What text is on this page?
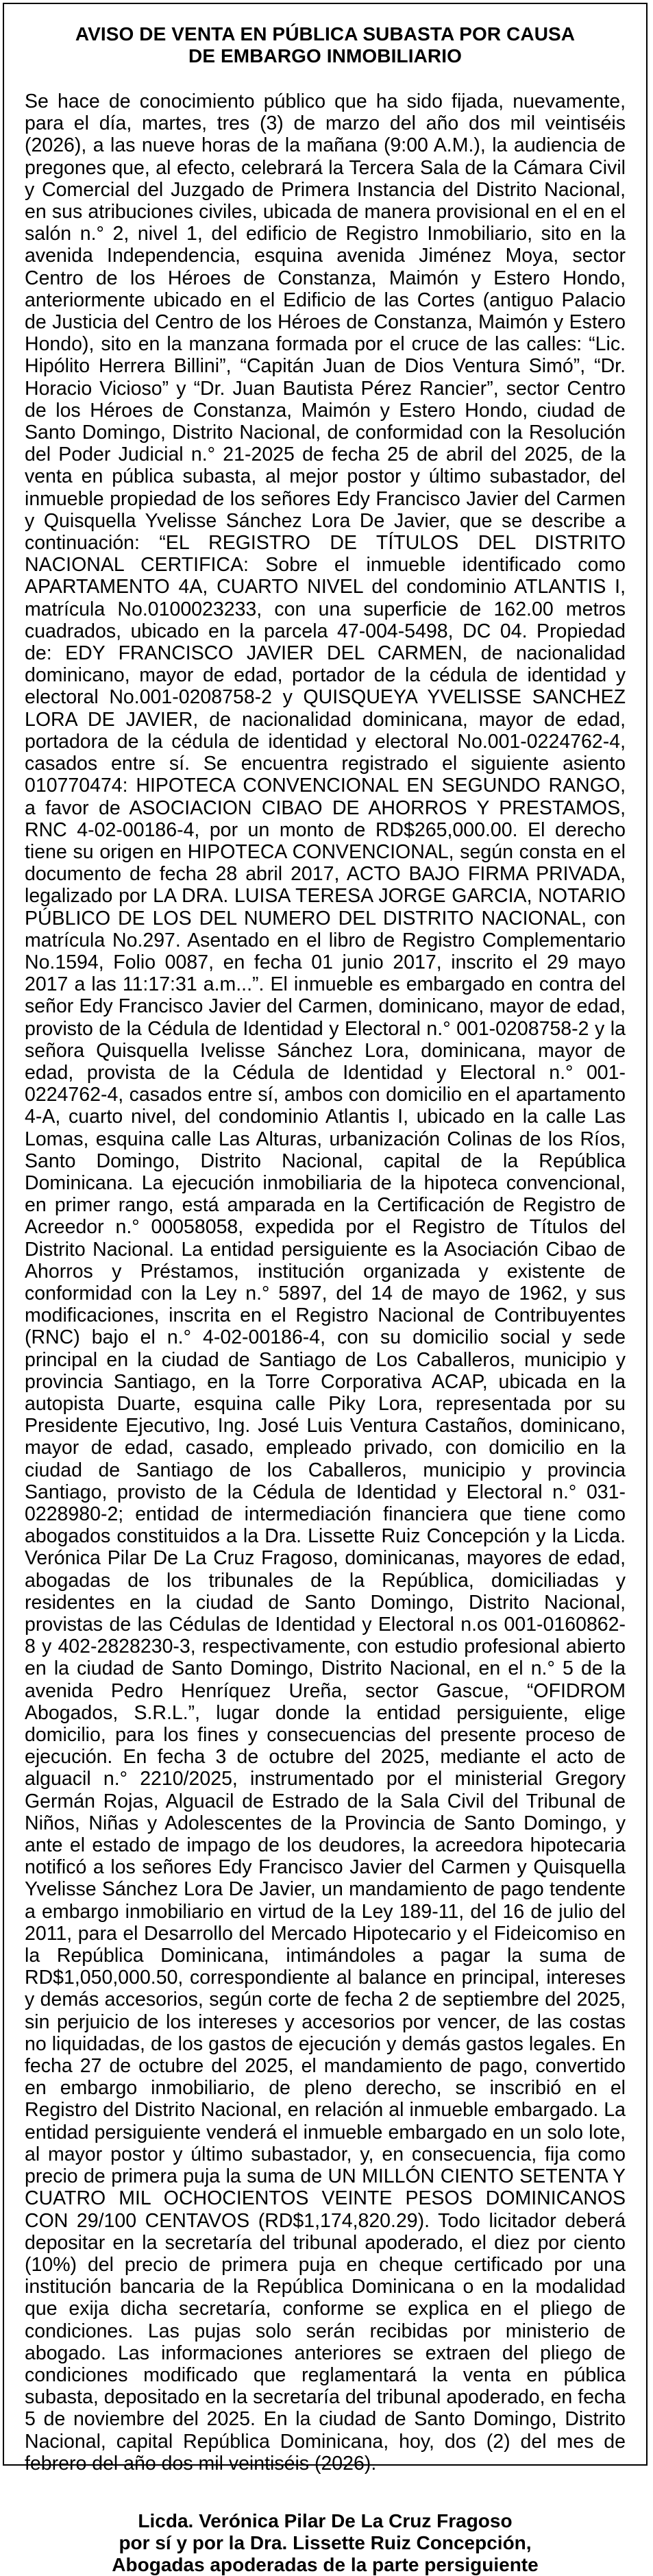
AVISO DE VENTA EN PÚBLICA SUBASTA POR CAUSA
DE EMBARGO INMOBILIARIO

Se hace de conocimiento público que ha sido fijada, nuevamente, para el día, martes, tres (3) de marzo del año dos mil veintiséis (2026), a las nueve horas de la mañana (9:00 A.M.), la audiencia de pregones que, al efecto, celebrará la Tercera Sala de la Cámara Civil y Comercial del Juzgado de Primera Instancia del Distrito Nacional, en sus atribuciones civiles, ubicada de manera provisional en el en el salón n.° 2, nivel 1, del edificio de Registro Inmobiliario, sito en la avenida Independencia, esquina avenida Jiménez Moya, sector Centro de los Héroes de Constanza, Maimón y Estero Hondo, anteriormente ubicado en el Edificio de las Cortes (antiguo Palacio de Justicia del Centro de los Héroes de Constanza, Maimón y Estero Hondo), sito en la manzana formada por el cruce de las calles: “Lic. Hipólito Herrera Billini”, “Capitán Juan de Dios Ventura Simó”, “Dr. Horacio Vicioso” y “Dr. Juan Bautista Pérez Rancier”, sector Centro de los Héroes de Constanza, Maimón y Estero Hondo, ciudad de Santo Domingo, Distrito Nacional, de conformidad con la Resolución del Poder Judicial n.° 21-2025 de fecha 25 de abril del 2025, de la venta en pública subasta, al mejor postor y último subastador, del inmueble propiedad de los señores Edy Francisco Javier del Carmen y Quisquella Yvelisse Sánchez Lora De Javier, que se describe a continuación: “EL REGISTRO DE TÍTULOS DEL DISTRITO NACIONAL CERTIFICA: Sobre el inmueble identificado como APARTAMENTO 4A, CUARTO NIVEL del condominio ATLANTIS I, matrícula No.0100023233, con una superficie de 162.00 metros cuadrados, ubicado en la parcela 47-004-5498, DC 04. Propiedad de: EDY FRANCISCO JAVIER DEL CARMEN, de nacionalidad dominicano, mayor de edad, portador de la cédula de identidad y electoral No.001-0208758-2 y QUISQUEYA YVELISSE SANCHEZ LORA DE JAVIER, de nacionalidad dominicana, mayor de edad, portadora de la cédula de identidad y electoral No.001-0224762-4, casados entre sí. Se encuentra registrado el siguiente asiento 010770474: HIPOTECA CONVENCIONAL EN SEGUNDO RANGO, a favor de ASOCIACION CIBAO DE AHORROS Y PRESTAMOS, RNC 4-02-00186-4, por un monto de RD$265,000.00. El derecho tiene su origen en HIPOTECA CONVENCIONAL, según consta en el documento de fecha 28 abril 2017, ACTO BAJO FIRMA PRIVADA, legalizado por LA DRA. LUISA TERESA JORGE GARCIA, NOTARIO PÚBLICO DE LOS DEL NUMERO DEL DISTRITO NACIONAL, con matrícula No.297. Asentado en el libro de Registro Complementario No.1594, Folio 0087, en fecha 01 junio 2017, inscrito el 29 mayo 2017 a las 11:17:31 a.m...”. El inmueble es embargado en contra del señor Edy Francisco Javier del Carmen, dominicano, mayor de edad, provisto de la Cédula de Identidad y Electoral n.° 001-0208758-2 y la señora Quisquella Ivelisse Sánchez Lora, dominicana, mayor de edad, provista de la Cédula de Identidad y Electoral n.° 001-0224762-4, casados entre sí, ambos con domicilio en el apartamento 4-A, cuarto nivel, del condominio Atlantis I, ubicado en la calle Las Lomas, esquina calle Las Alturas, urbanización Colinas de los Ríos, Santo Domingo, Distrito Nacional, capital de la República Dominicana. La ejecución inmobiliaria de la hipoteca convencional, en primer rango, está amparada en la Certificación de Registro de Acreedor n.° 00058058, expedida por el Registro de Títulos del Distrito Nacional. La entidad persiguiente es la Asociación Cibao de Ahorros y Préstamos, institución organizada y existente de conformidad con la Ley n.° 5897, del 14 de mayo de 1962, y sus modificaciones, inscrita en el Registro Nacional de Contribuyentes (RNC) bajo el n.° 4-02-00186-4, con su domicilio social y sede principal en la ciudad de Santiago de Los Caballeros, municipio y provincia Santiago, en la Torre Corporativa ACAP, ubicada en la autopista Duarte, esquina calle Piky Lora, representada por su Presidente Ejecutivo, Ing. José Luis Ventura Castaños, dominicano, mayor de edad, casado, empleado privado, con domicilio en la ciudad de Santiago de los Caballeros, municipio y provincia Santiago, provisto de la Cédula de Identidad y Electoral n.° 031-0228980-2; entidad de intermediación financiera que tiene como abogados constituidos a la Dra. Lissette Ruiz Concepción y la Licda. Verónica Pilar De La Cruz Fragoso, dominicanas, mayores de edad, abogadas de los tribunales de la República, domiciliadas y residentes en la ciudad de Santo Domingo, Distrito Nacional, provistas de las Cédulas de Identidad y Electoral n.os 001-0160862-8 y 402-2828230-3, respectivamente, con estudio profesional abierto en la ciudad de Santo Domingo, Distrito Nacional, en el n.° 5 de la avenida Pedro Henríquez Ureña, sector Gascue, “OFIDROM Abogados, S.R.L.”, lugar donde la entidad persiguiente, elige domicilio, para los fines y consecuencias del presente proceso de ejecución. En fecha 3 de octubre del 2025, mediante el acto de alguacil n.° 2210/2025, instrumentado por el ministerial Gregory Germán Rojas, Alguacil de Estrado de la Sala Civil del Tribunal de Niños, Niñas y Adolescentes de la Provincia de Santo Domingo, y ante el estado de impago de los deudores, la acreedora hipotecaria notificó a los señores Edy Francisco Javier del Carmen y Quisquella Yvelisse Sánchez Lora De Javier, un mandamiento de pago tendente a embargo inmobiliario en virtud de la Ley 189-11, del 16 de julio del 2011, para el Desarrollo del Mercado Hipotecario y el Fideicomiso en la República Dominicana, intimándoles a pagar la suma de RD$1,050,000.50, correspondiente al balance en principal, intereses y demás accesorios, según corte de fecha 2 de septiembre del 2025, sin perjuicio de los intereses y accesorios por vencer, de las costas no liquidadas, de los gastos de ejecución y demás gastos legales. En fecha 27 de octubre del 2025, el mandamiento de pago, convertido en embargo inmobiliario, de pleno derecho, se inscribió en el Registro del Distrito Nacional, en relación al inmueble embargado. La entidad persiguiente venderá el inmueble embargado en un solo lote, al mayor postor y último subastador, y, en consecuencia, fija como precio de primera puja la suma de UN MILLÓN CIENTO SETENTA Y CUATRO MIL OCHOCIENTOS VEINTE PESOS DOMINICANOS CON 29/100 CENTAVOS (RD$1,174,820.29). Todo licitador deberá depositar en la secretaría del tribunal apoderado, el diez por ciento (10%) del precio de primera puja en cheque certificado por una institución bancaria de la República Dominicana o en la modalidad que exija dicha secretaría, conforme se explica en el pliego de condiciones. Las pujas solo serán recibidas por ministerio de abogado. Las informaciones anteriores se extraen del pliego de condiciones modificado que reglamentará la venta en pública subasta, depositado en la secretaría del tribunal apoderado, en fecha 5 de noviembre del 2025. En la ciudad de Santo Domingo, Distrito Nacional, capital República Dominicana, hoy, dos (2) del mes de febrero del año dos mil veintiséis (2026).

Licda. Verónica Pilar De La Cruz Fragoso
por sí y por la Dra. Lissette Ruiz Concepción,
Abogadas apoderadas de la parte persiguiente
